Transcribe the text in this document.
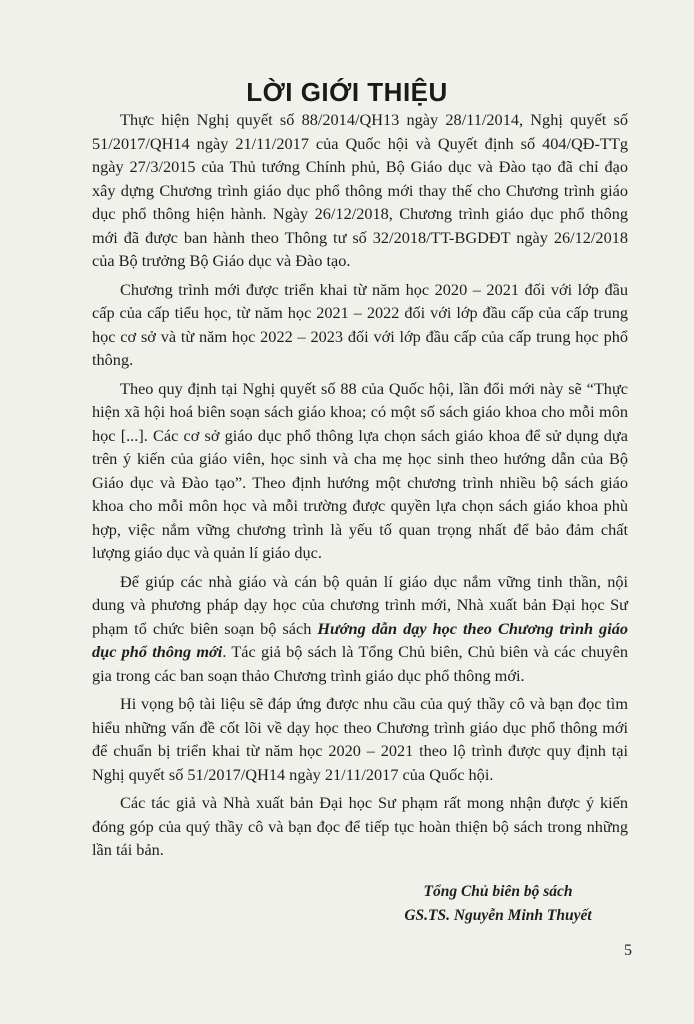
LỜI GIỚI THIỆU

Thực hiện Nghị quyết số 88/2014/QH13 ngày 28/11/2014, Nghị quyết số 51/2017/QH14 ngày 21/11/2017 của Quốc hội và Quyết định số 404/QĐ-TTg ngày 27/3/2015 của Thủ tướng Chính phủ, Bộ Giáo dục và Đào tạo đã chỉ đạo xây dựng Chương trình giáo dục phổ thông mới thay thế cho Chương trình giáo dục phổ thông hiện hành. Ngày 26/12/2018, Chương trình giáo dục phổ thông mới đã được ban hành theo Thông tư số 32/2018/TT-BGDĐT ngày 26/12/2018 của Bộ trưởng Bộ Giáo dục và Đào tạo.

Chương trình mới được triển khai từ năm học 2020 – 2021 đối với lớp đầu cấp của cấp tiểu học, từ năm học 2021 – 2022 đối với lớp đầu cấp của cấp trung học cơ sở và từ năm học 2022 – 2023 đối với lớp đầu cấp của cấp trung học phổ thông.

Theo quy định tại Nghị quyết số 88 của Quốc hội, lần đổi mới này sẽ “Thực hiện xã hội hoá biên soạn sách giáo khoa; có một số sách giáo khoa cho mỗi môn học [...]. Các cơ sở giáo dục phổ thông lựa chọn sách giáo khoa để sử dụng dựa trên ý kiến của giáo viên, học sinh và cha mẹ học sinh theo hướng dẫn của Bộ Giáo dục và Đào tạo”. Theo định hướng một chương trình nhiều bộ sách giáo khoa cho mỗi môn học và mỗi trường được quyền lựa chọn sách giáo khoa phù hợp, việc nắm vững chương trình là yếu tố quan trọng nhất để bảo đảm chất lượng giáo dục và quản lí giáo dục.

Để giúp các nhà giáo và cán bộ quản lí giáo dục nắm vững tinh thần, nội dung và phương pháp dạy học của chương trình mới, Nhà xuất bản Đại học Sư phạm tổ chức biên soạn bộ sách Hướng dẫn dạy học theo Chương trình giáo dục phổ thông mới. Tác giả bộ sách là Tổng Chủ biên, Chủ biên và các chuyên gia trong các ban soạn thảo Chương trình giáo dục phổ thông mới.

Hi vọng bộ tài liệu sẽ đáp ứng được nhu cầu của quý thầy cô và bạn đọc tìm hiểu những vấn đề cốt lõi về dạy học theo Chương trình giáo dục phổ thông mới để chuẩn bị triển khai từ năm học 2020 – 2021 theo lộ trình được quy định tại Nghị quyết số 51/2017/QH14 ngày 21/11/2017 của Quốc hội.

Các tác giả và Nhà xuất bản Đại học Sư phạm rất mong nhận được ý kiến đóng góp của quý thầy cô và bạn đọc để tiếp tục hoàn thiện bộ sách trong những lần tái bản.

Tổng Chủ biên bộ sách
GS.TS. Nguyễn Minh Thuyết
5
